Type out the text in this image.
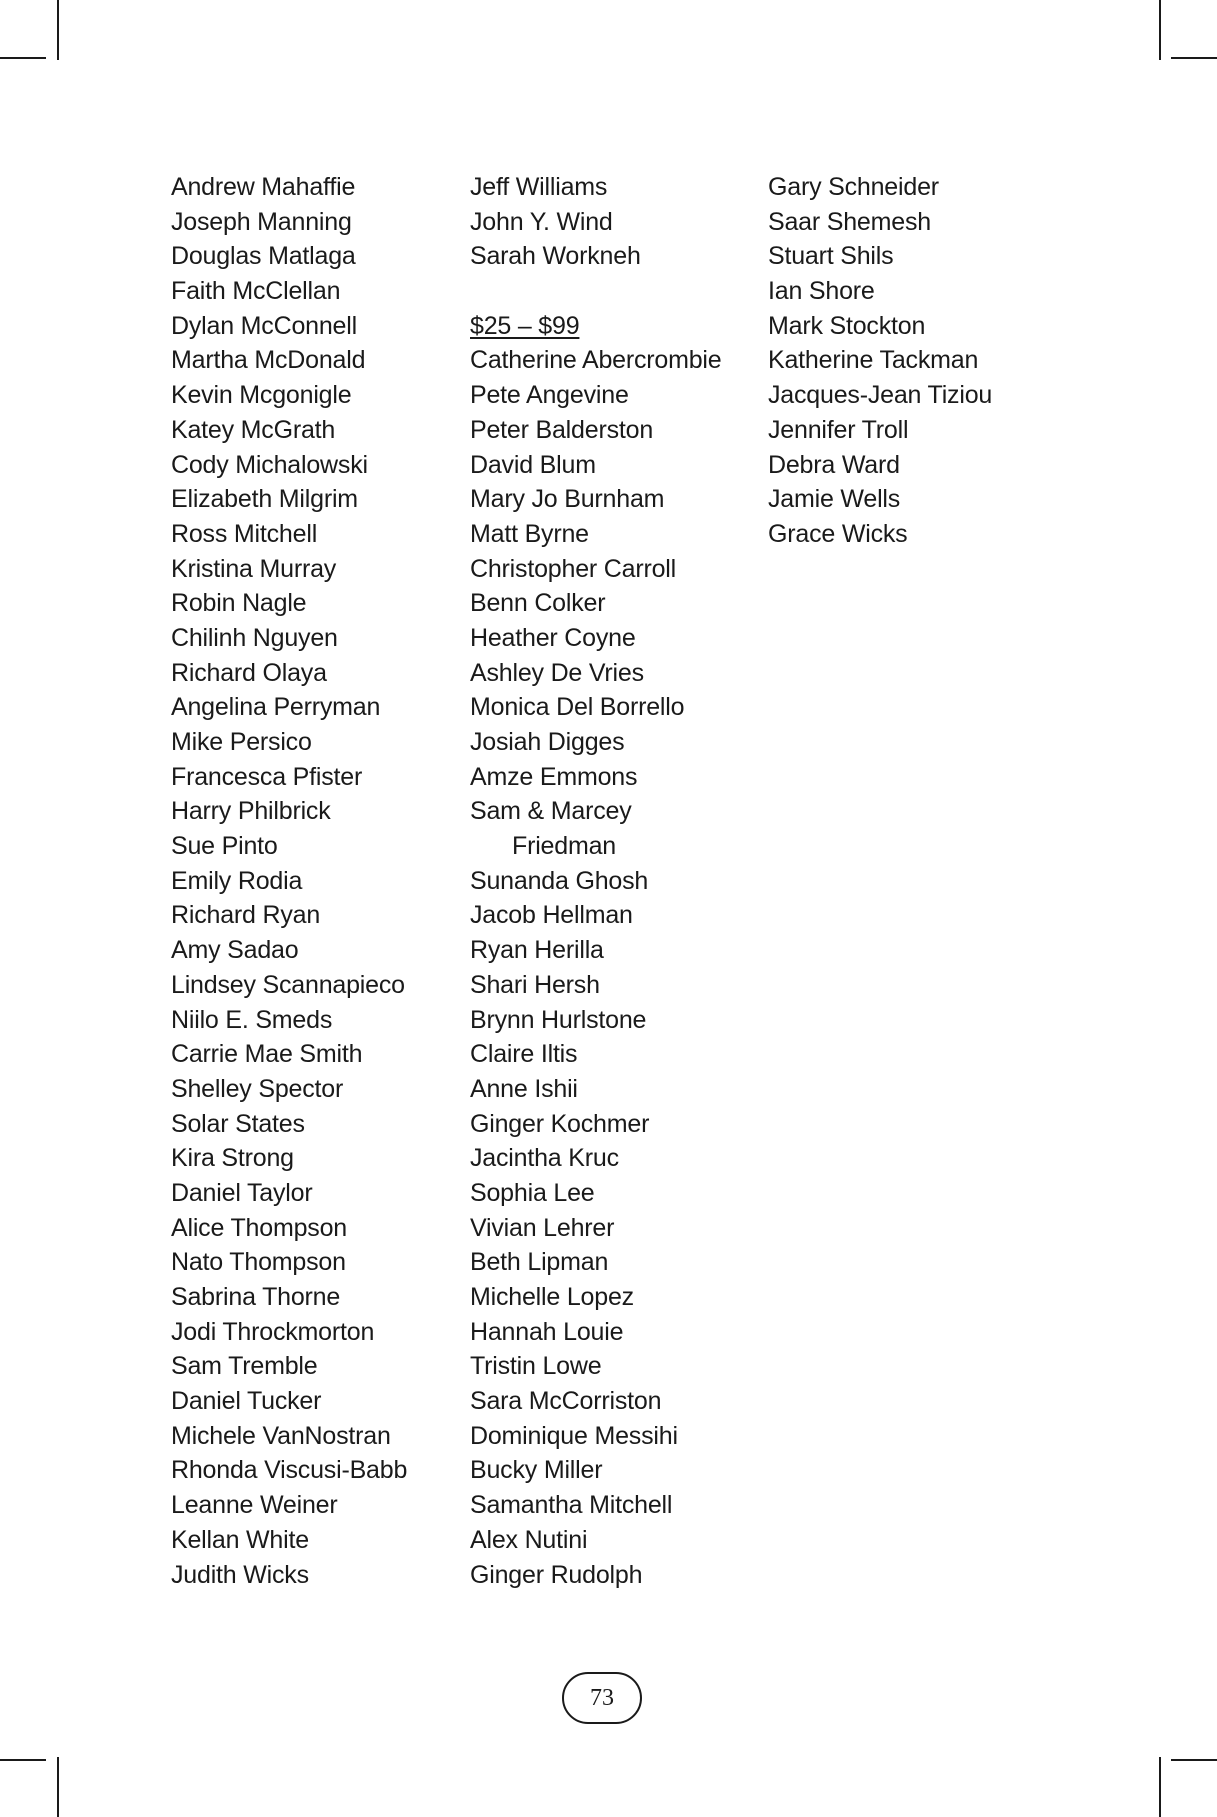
Andrew Mahaffie
Joseph Manning
Douglas Matlaga
Faith McClellan
Dylan McConnell
Martha McDonald
Kevin Mcgonigle
Katey McGrath
Cody Michalowski
Elizabeth Milgrim
Ross Mitchell
Kristina Murray
Robin Nagle
Chilinh Nguyen
Richard Olaya
Angelina Perryman
Mike Persico
Francesca Pfister
Harry Philbrick
Sue Pinto
Emily Rodia
Richard Ryan
Amy Sadao
Lindsey Scannapieco
Niilo E. Smeds
Carrie Mae Smith
Shelley Spector
Solar States
Kira Strong
Daniel Taylor
Alice Thompson
Nato Thompson
Sabrina Thorne
Jodi Throckmorton
Sam Tremble
Daniel Tucker
Michele VanNostran
Rhonda Viscusi-Babb
Leanne Weiner
Kellan White
Judith Wicks
Jeff Williams
John Y. Wind
Sarah Workneh
$25 – $99
Catherine Abercrombie
Pete Angevine
Peter Balderston
David Blum
Mary Jo Burnham
Matt Byrne
Christopher Carroll
Benn Colker
Heather Coyne
Ashley De Vries
Monica Del Borrello
Josiah Digges
Amze Emmons
Sam & Marcey
Friedman
Sunanda Ghosh
Jacob Hellman
Ryan Herilla
Shari Hersh
Brynn Hurlstone
Claire Iltis
Anne Ishii
Ginger Kochmer
Jacintha Kruc
Sophia Lee
Vivian Lehrer
Beth Lipman
Michelle Lopez
Hannah Louie
Tristin Lowe
Sara McCorriston
Dominique Messihi
Bucky Miller
Samantha Mitchell
Alex Nutini
Ginger Rudolph
Gary Schneider
Saar Shemesh
Stuart Shils
Ian Shore
Mark Stockton
Katherine Tackman
Jacques-Jean Tiziou
Jennifer Troll
Debra Ward
Jamie Wells
Grace Wicks
73
